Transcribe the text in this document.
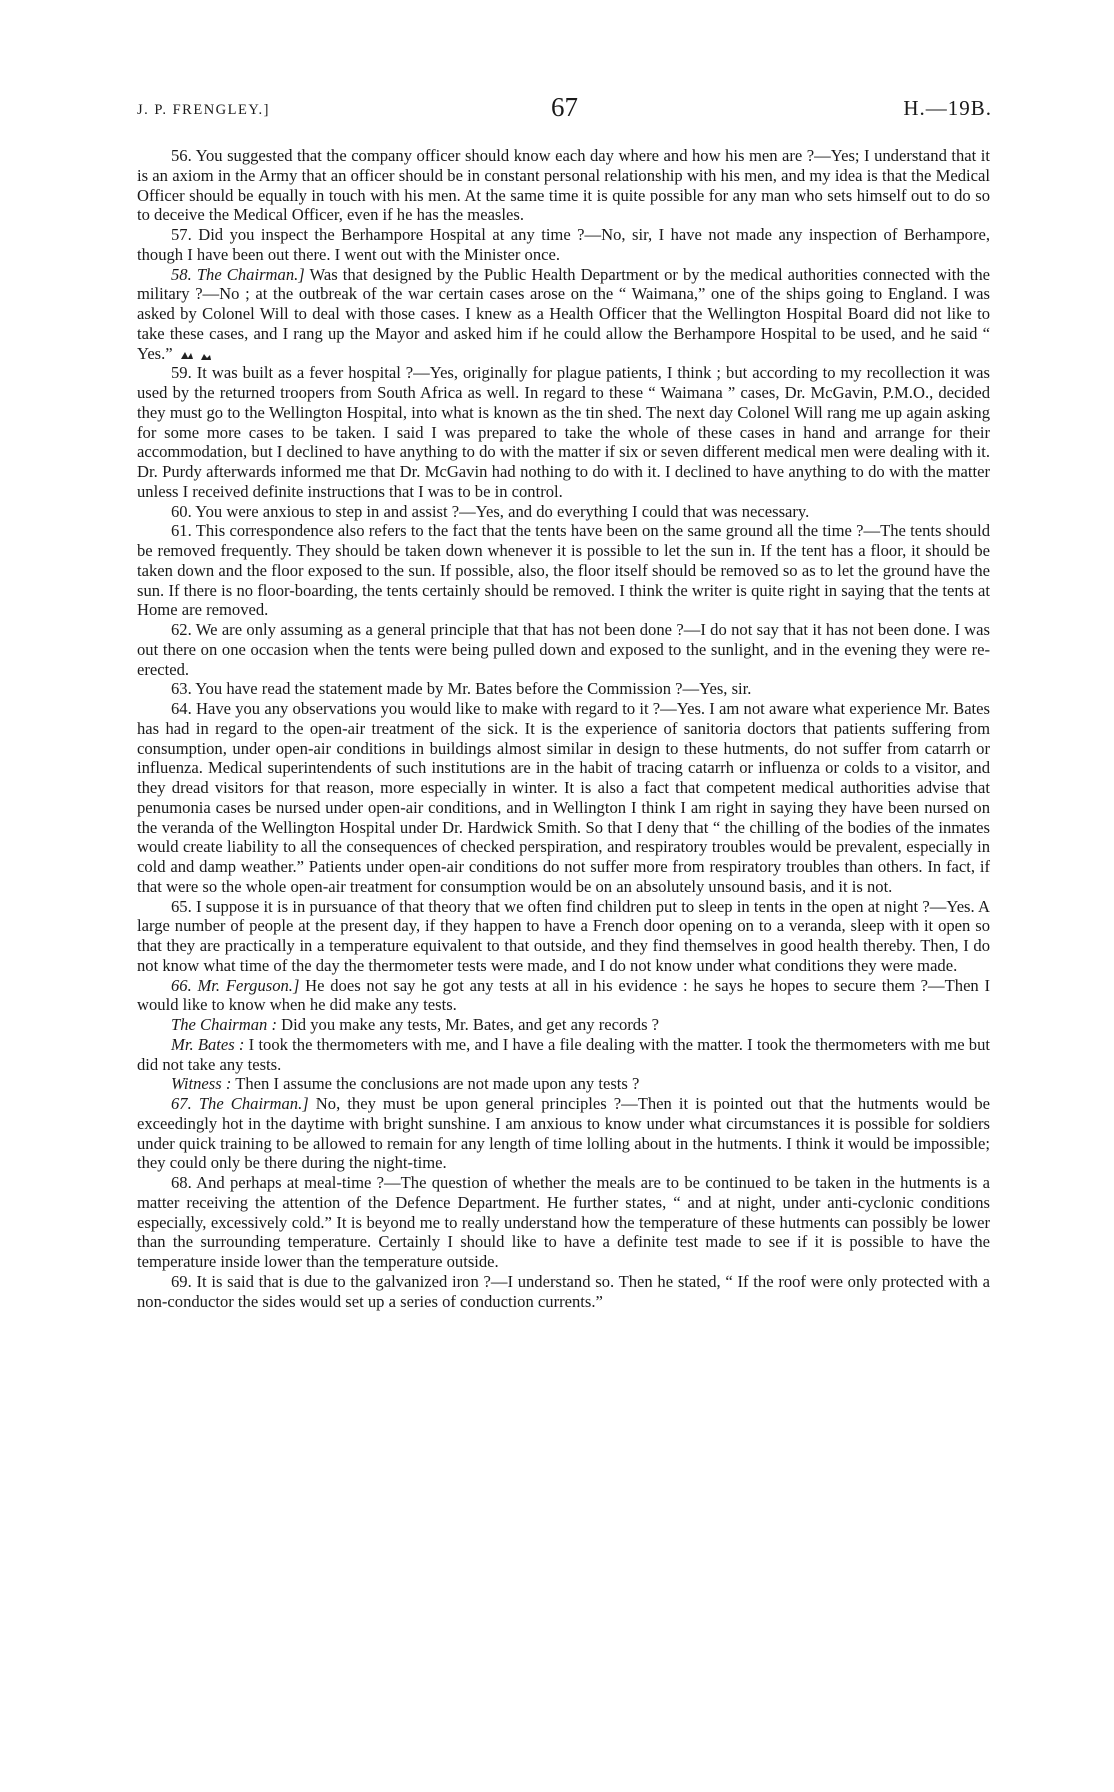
J. P. FRENGLEY.]	67	H.—19B.

56. You suggested that the company officer should know each day where and how his men are ?—Yes; I understand that it is an axiom in the Army that an officer should be in constant personal relationship with his men, and my idea is that the Medical Officer should be equally in touch with his men. At the same time it is quite possible for any man who sets himself out to do so to deceive the Medical Officer, even if he has the measles.

57. Did you inspect the Berhampore Hospital at any time ?—No, sir, I have not made any inspection of Berhampore, though I have been out there. I went out with the Minister once.

58. The Chairman.] Was that designed by the Public Health Department or by the medical authorities connected with the military ?—No ; at the outbreak of the war certain cases arose on the “ Waimana,” one of the ships going to England. I was asked by Colonel Will to deal with those cases. I knew as a Health Officer that the Wellington Hospital Board did not like to take these cases, and I rang up the Mayor and asked him if he could allow the Berhampore Hospital to be used, and he said “ Yes.”

59. It was built as a fever hospital ?—Yes, originally for plague patients, I think ; but according to my recollection it was used by the returned troopers from South Africa as well. In regard to these “ Waimana ” cases, Dr. McGavin, P.M.O., decided they must go to the Wellington Hospital, into what is known as the tin shed. The next day Colonel Will rang me up again asking for some more cases to be taken. I said I was prepared to take the whole of these cases in hand and arrange for their accommodation, but I declined to have anything to do with the matter if six or seven different medical men were dealing with it. Dr. Purdy afterwards informed me that Dr. McGavin had nothing to do with it. I declined to have anything to do with the matter unless I received definite instructions that I was to be in control.

60. You were anxious to step in and assist ?—Yes, and do everything I could that was necessary.

61. This correspondence also refers to the fact that the tents have been on the same ground all the time ?—The tents should be removed frequently. They should be taken down whenever it is possible to let the sun in. If the tent has a floor, it should be taken down and the floor exposed to the sun. If possible, also, the floor itself should be removed so as to let the ground have the sun. If there is no floor-boarding, the tents certainly should be removed. I think the writer is quite right in saying that the tents at Home are removed.

62. We are only assuming as a general principle that that has not been done ?—I do not say that it has not been done. I was out there on one occasion when the tents were being pulled down and exposed to the sunlight, and in the evening they were re-erected.

63. You have read the statement made by Mr. Bates before the Commission ?—Yes, sir.

64. Have you any observations you would like to make with regard to it ?—Yes. I am not aware what experience Mr. Bates has had in regard to the open-air treatment of the sick. It is the experience of sanitoria doctors that patients suffering from consumption, under open-air conditions in buildings almost similar in design to these hutments, do not suffer from catarrh or influenza. Medical superintendents of such institutions are in the habit of tracing catarrh or influenza or colds to a visitor, and they dread visitors for that reason, more especially in winter. It is also a fact that competent medical authorities advise that penumonia cases be nursed under open-air conditions, and in Wellington I think I am right in saying they have been nursed on the veranda of the Wellington Hospital under Dr. Hardwick Smith. So that I deny that “ the chilling of the bodies of the inmates would create liability to all the consequences of checked perspiration, and respiratory troubles would be prevalent, especially in cold and damp weather.” Patients under open-air conditions do not suffer more from respiratory troubles than others. In fact, if that were so the whole open-air treatment for consumption would be on an absolutely unsound basis, and it is not.

65. I suppose it is in pursuance of that theory that we often find children put to sleep in tents in the open at night ?—Yes. A large number of people at the present day, if they happen to have a French door opening on to a veranda, sleep with it open so that they are practically in a temperature equivalent to that outside, and they find themselves in good health thereby. Then, I do not know what time of the day the thermometer tests were made, and I do not know under what conditions they were made.

66. Mr. Ferguson.] He does not say he got any tests at all in his evidence : he says he hopes to secure them ?—Then I would like to know when he did make any tests.

The Chairman : Did you make any tests, Mr. Bates, and get any records ?

Mr. Bates : I took the thermometers with me, and I have a file dealing with the matter. I took the thermometers with me but did not take any tests.

Witness : Then I assume the conclusions are not made upon any tests ?

67. The Chairman.] No, they must be upon general principles ?—Then it is pointed out that the hutments would be exceedingly hot in the daytime with bright sunshine. I am anxious to know under what circumstances it is possible for soldiers under quick training to be allowed to remain for any length of time lolling about in the hutments. I think it would be impossible; they could only be there during the night-time.

68. And perhaps at meal-time ?—The question of whether the meals are to be continued to be taken in the hutments is a matter receiving the attention of the Defence Department. He further states, “ and at night, under anti-cyclonic conditions especially, excessively cold.” It is beyond me to really understand how the temperature of these hutments can possibly be lower than the surrounding temperature. Certainly I should like to have a definite test made to see if it is possible to have the temperature inside lower than the temperature outside.

69. It is said that is due to the galvanized iron ?—I understand so. Then he stated, “ If the roof were only protected with a non-conductor the sides would set up a series of conduction currents.”
